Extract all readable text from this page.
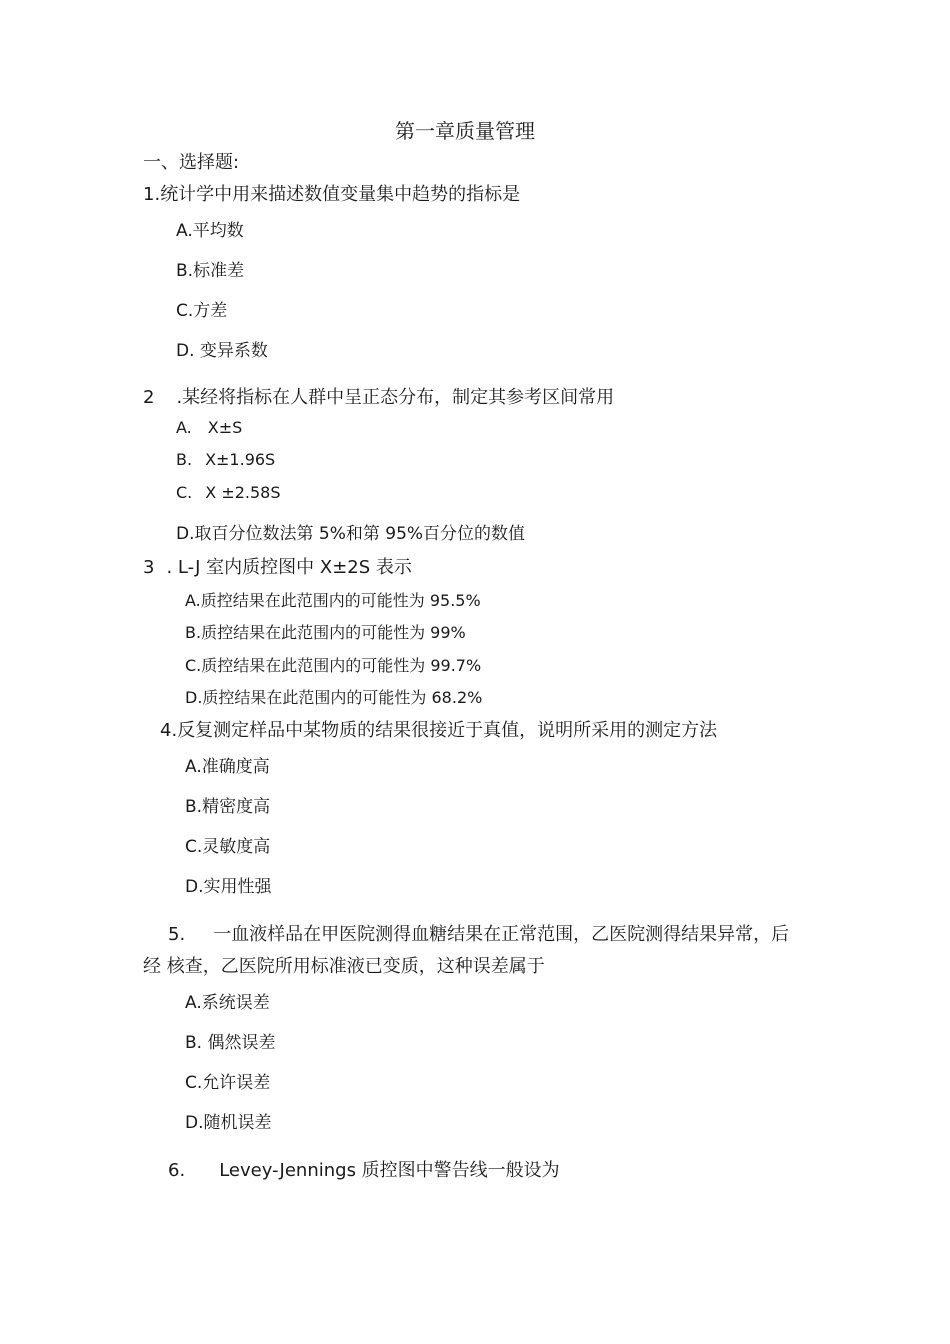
第一章质量管理
一、选择题:
1.统计学中用来描述数值变量集中趋势的指标是
A.平均数
B.标准差
C.方差
D. 变异系数
2 .某经将指标在人群中呈正态分布，制定其参考区间常用
A. X±S
B. X±1.96S
C. X ±2.58S
D.取百分位数法第 5%和第 95%百分位的数值
3 . L-J 室内质控图中 X±2S 表示
A.质控结果在此范围内的可能性为 95.5%
B.质控结果在此范围内的可能性为 99%
C.质控结果在此范围内的可能性为 99.7%
D.质控结果在此范围内的可能性为 68.2%
4.反复测定样品中某物质的结果很接近于真值，说明所采用的测定方法
A.准确度高
B.精密度高
C.灵敏度高
D.实用性强
5. 一血液样品在甲医院测得血糖结果在正常范围，乙医院测得结果异常，后
经 核查，乙医院所用标准液已变质，这种误差属于
A.系统误差
B. 偶然误差
C.允许误差
D.随机误差
6. Levey-Jennings 质控图中警告线一般设为
